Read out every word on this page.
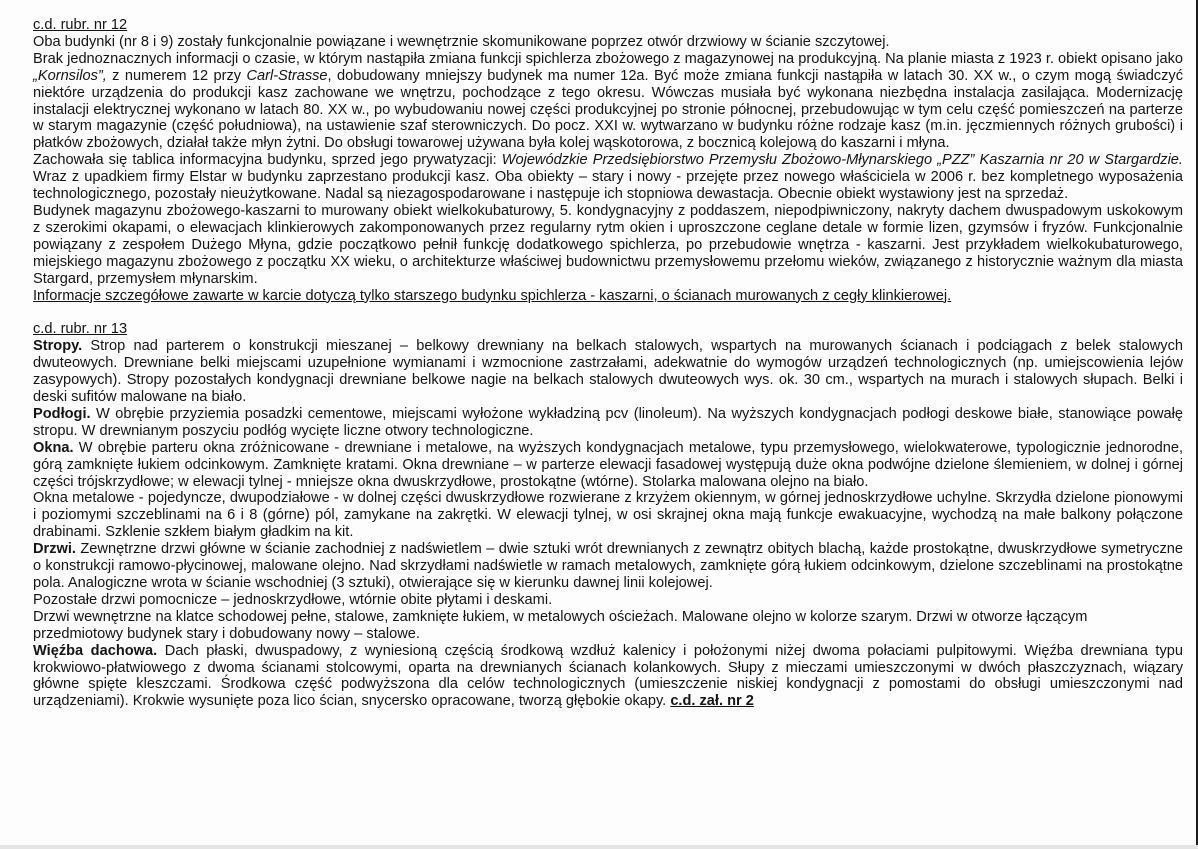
c.d. rubr. nr 12

Oba budynki (nr 8 i 9) zostały funkcjonalnie powiązane i wewnętrznie skomunikowane poprzez otwór drzwiowy w ścianie szczytowej.

Brak jednoznacznych informacji o czasie, w którym nastąpiła zmiana funkcji spichlerza zbożowego z magazynowej na produkcyjną. Na planie miasta z 1923 r. obiekt opisano jako „Kornsilos”, z numerem 12 przy Carl-Strasse, dobudowany mniejszy budynek ma numer 12a. Być może zmiana funkcji nastąpiła w latach 30. XX w., o czym mogą świadczyć niektóre urządzenia do produkcji kasz zachowane we wnętrzu, pochodzące z tego okresu. Wówczas musiała być wykonana niezbędna instalacja zasilająca. Modernizację instalacji elektrycznej wykonano w latach 80. XX w., po wybudowaniu nowej części produkcyjnej po stronie północnej, przebudowując w tym celu część pomieszczeń na parterze w starym magazynie (część południowa), na ustawienie szaf sterowniczych. Do pocz. XXI w. wytwarzano w budynku różne rodzaje kasz (m.in. jęczmiennych różnych grubości) i płatków zbożowych, działał także młyn żytni. Do obsługi towarowej używana była kolej wąskotorowa, z bocznicą kolejową do kaszarni i młyna.

Zachowała się tablica informacyjna budynku, sprzed jego prywatyzacji: Wojewódzkie Przedsiębiorstwo Przemysłu Zbożowo-Młynarskiego „PZZ” Kaszarnia nr 20 w Stargardzie. Wraz z upadkiem firmy Elstar w budynku zaprzestano produkcji kasz. Oba obiekty – stary i nowy - przejęte przez nowego właściciela w 2006 r. bez kompletnego wyposażenia technologicznego, pozostały nieużytkowane. Nadal są niezagospodarowane i następuje ich stopniowa dewastacja. Obecnie obiekt wystawiony jest na sprzedaż.

Budynek magazynu zbożowego-kaszarni to murowany obiekt wielkokubaturowy, 5. kondygnacyjny z poddaszem, niepodpiwniczony, nakryty dachem dwuspadowym uskokowym z szerokimi okapami, o elewacjach klinkierowych zakomponowanych przez regularny rytm okien i uproszczone ceglane detale w formie lizen, gzymsów i fryzów. Funkcjonalnie powiązany z zespołem Dużego Młyna, gdzie początkowo pełnił funkcję dodatkowego spichlerza, po przebudowie wnętrza - kaszarni. Jest przykładem wielkokubaturowego, miejskiego magazynu zbożowego z początku XX wieku, o architekturze właściwej budownictwu przemysłowemu przełomu wieków, związanego z historycznie ważnym dla miasta Stargard, przemysłem młynarskim.

Informacje szczegółowe zawarte w karcie dotyczą tylko starszego budynku spichlerza - kaszarni, o ścianach murowanych z cegły klinkierowej.

c.d. rubr. nr 13

Stropy. Strop nad parterem o konstrukcji mieszanej – belkowy drewniany na belkach stalowych, wspartych na murowanych ścianach i podciągach z belek stalowych dwuteowych. Drewniane belki miejscami uzupełnione wymianami i wzmocnione zastrzałami, adekwatnie do wymogów urządzeń technologicznych (np. umiejscowienia lejów zasypowych). Stropy pozostałych kondygnacji drewniane belkowe nagie na belkach stalowych dwuteowych wys. ok. 30 cm., wspartych na murach i stalowych słupach. Belki i deski sufitów malowane na biało.

Podłogi. W obrębie przyziemia posadzki cementowe, miejscami wyłożone wykładziną pcv (linoleum). Na wyższych kondygnacjach podłogi deskowe białe, stanowiące powałę stropu. W drewnianym poszyciu podłóg wycięte liczne otwory technologiczne.

Okna. W obrębie parteru okna zróżnicowane - drewniane i metalowe, na wyższych kondygnacjach metalowe, typu przemysłowego, wielokwaterowe, typologicznie jednorodne, górą zamknięte łukiem odcinkowym. Zamknięte kratami. Okna drewniane – w parterze elewacji fasadowej występują duże okna podwójne dzielone ślemieniem, w dolnej i górnej części trójskrzydłowe; w elewacji tylnej - mniejsze okna dwuskrzydłowe, prostokątne (wtórne). Stolarka malowana olejno na biało.

Okna metalowe - pojedyncze, dwupodziałowe - w dolnej części dwuskrzydłowe rozwierane z krzyżem okiennym, w górnej jednoskrzydłowe uchylne. Skrzydła dzielone pionowymi i poziomymi szczeblinami na 6 i 8 (górne) pól, zamykane na zakrętki. W elewacji tylnej, w osi skrajnej okna mają funkcje ewakuacyjne, wychodzą na małe balkony połączone drabinami. Szklenie szkłem białym gładkim na kit.

Drzwi. Zewnętrzne drzwi główne w ścianie zachodniej z nadświetlem – dwie sztuki wrót drewnianych z zewnątrz obitych blachą, każde prostokątne, dwuskrzydłowe symetryczne o konstrukcji ramowo-płycinowej, malowane olejno. Nad skrzydłami nadświetle w ramach metalowych, zamknięte górą łukiem odcinkowym, dzielone szczeblinami na prostokątne pola. Analogiczne wrota w ścianie wschodniej (3 sztuki), otwierające się w kierunku dawnej linii kolejowej.

Pozostałe drzwi pomocnicze – jednoskrzydłowe, wtórnie obite płytami i deskami.

Drzwi wewnętrzne na klatce schodowej pełne, stalowe, zamknięte łukiem, w metalowych ościeżach. Malowane olejno w kolorze szarym. Drzwi w otworze łączącym

przedmiotowy budynek stary i dobudowany nowy – stalowe.

Więźba dachowa. Dach płaski, dwuspadowy, z wyniesioną częścią środkową wzdłuż kalenicy i położonymi niżej dwoma połaciami pulpitowymi. Więźba drewniana typu krokwiowo-płatwiowego z dwoma ścianami stolcowymi, oparta na drewnianych ścianach kolankowych. Słupy z mieczami umieszczonymi w dwóch płaszczyznach, wiązary główne spięte kleszczami. Środkowa część podwyższona dla celów technologicznych (umieszczenie niskiej kondygnacji z pomostami do obsługi umieszczonymi nad urządzeniami). Krokwie wysunięte poza lico ścian, snycersko opracowane, tworzą głębokie okapy. c.d. zał. nr 2
